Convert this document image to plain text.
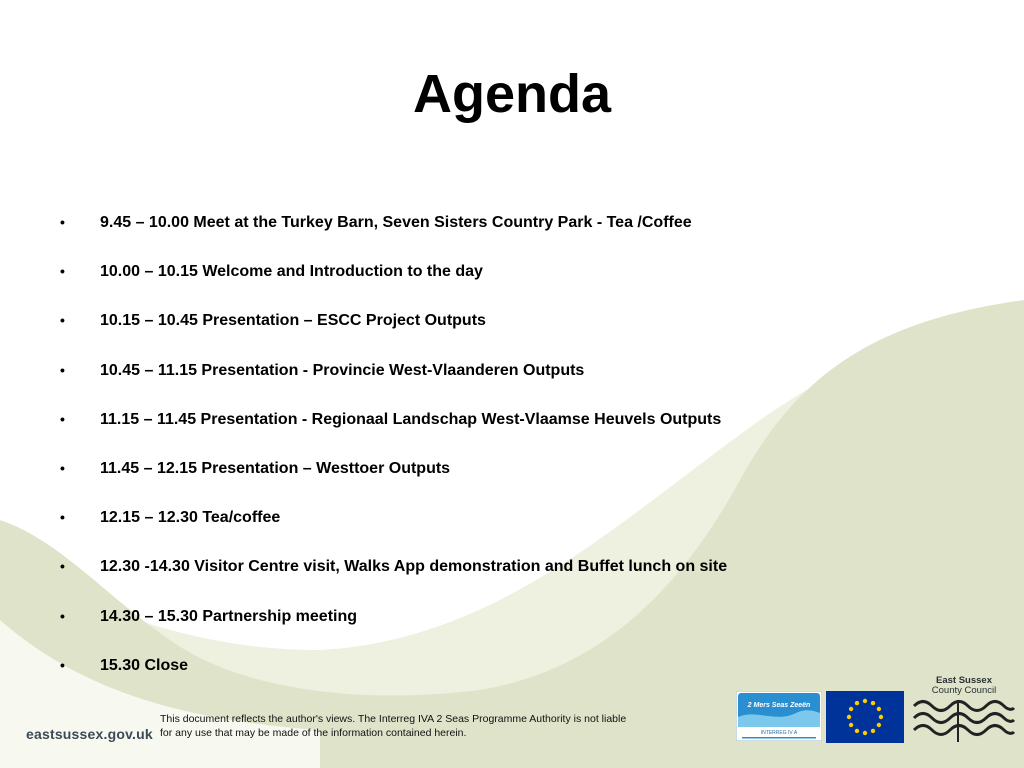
Agenda
• 9.45 – 10.00 Meet at the Turkey Barn, Seven Sisters Country Park - Tea /Coffee
• 10.00 – 10.15 Welcome and Introduction to the day
• 10.15 – 10.45 Presentation – ESCC Project Outputs
• 10.45 – 11.15 Presentation - Provincie West-Vlaanderen Outputs
• 11.15 – 11.45 Presentation - Regionaal Landschap West-Vlaamse Heuvels Outputs
• 11.45 – 12.15 Presentation – Westtoer Outputs
• 12.15 – 12.30 Tea/coffee
• 12.30 -14.30 Visitor Centre visit, Walks App demonstration and Buffet lunch on site
• 14.30 – 15.30 Partnership meeting
• 15.30 Close
eastsussex.gov.uk
This document reflects the author's views. The Interreg IVA 2 Seas Programme Authority is not liable
for any use that may be made of the information contained herein.
2 Mers Seas Zeeën
INTERREG IV A
East Sussex
County Council
